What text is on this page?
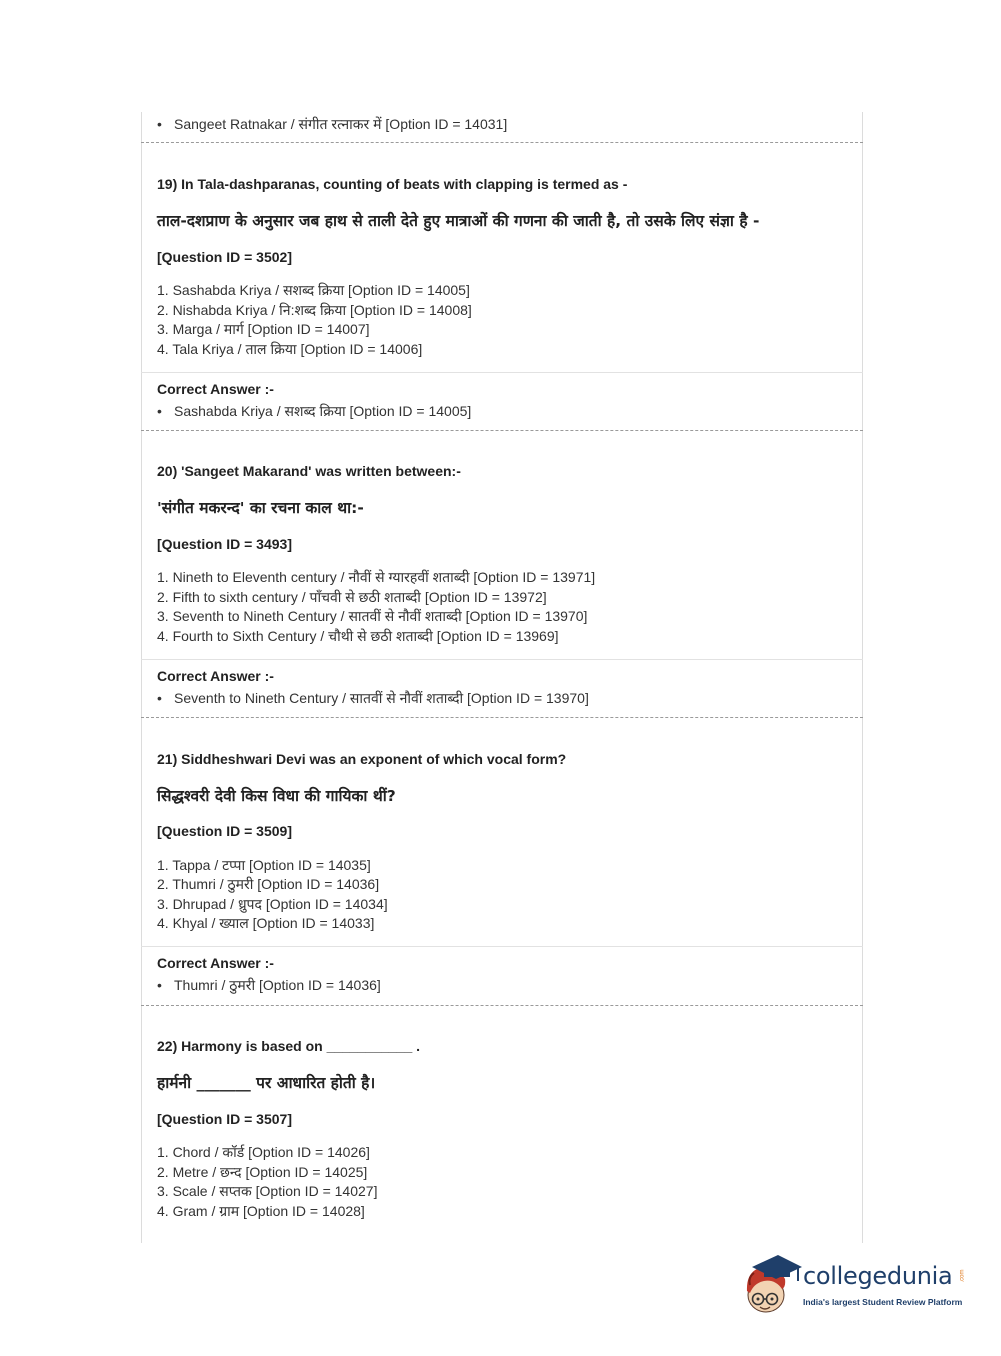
• Sangeet Ratnakar / संगीत रत्नाकर में [Option ID = 14031]
19) In Tala-dashparanas, counting of beats with clapping is termed as -
ताल-दशप्राण के अनुसार जब हाथ से ताली देते हुए मात्राओं की गणना की जाती है, तो उसके लिए संज्ञा है -
[Question ID = 3502]
1. Sashabda Kriya / सशब्द क्रिया [Option ID = 14005]
2. Nishabda Kriya / नि:शब्द क्रिया [Option ID = 14008]
3. Marga / मार्ग [Option ID = 14007]
4. Tala Kriya / ताल क्रिया [Option ID = 14006]
Correct Answer :-
• Sashabda Kriya / सशब्द क्रिया [Option ID = 14005]
20) 'Sangeet Makarand' was written between:-
'संगीत मकरन्द' का रचना काल था:-
[Question ID = 3493]
1. Nineth to Eleventh century / नौवीं से ग्यारहवीं शताब्दी [Option ID = 13971]
2. Fifth to sixth century / पाँचवी से छठी शताब्दी [Option ID = 13972]
3. Seventh to Nineth Century / सातवीं से नौवीं शताब्दी [Option ID = 13970]
4. Fourth to Sixth Century / चौथी से छठी शताब्दी [Option ID = 13969]
Correct Answer :-
• Seventh to Nineth Century / सातवीं से नौवीं शताब्दी [Option ID = 13970]
21) Siddheshwari Devi was an exponent of which vocal form?
सिद्धश्वरी देवी किस विधा की गायिका थीं?
[Question ID = 3509]
1. Tappa / टप्पा [Option ID = 14035]
2. Thumri / ठुमरी [Option ID = 14036]
3. Dhrupad / ध्रुपद [Option ID = 14034]
4. Khyal / ख्याल [Option ID = 14033]
Correct Answer :-
• Thumri / ठुमरी [Option ID = 14036]
22) Harmony is based on ___________ .
हार्मनी _______ पर आधारित होती है।
[Question ID = 3507]
1. Chord / कॉर्ड [Option ID = 14026]
2. Metre / छन्द [Option ID = 14025]
3. Scale / सप्तक [Option ID = 14027]
4. Gram / ग्राम [Option ID = 14028]
collegedunia .com
India's largest Student Review Platform
